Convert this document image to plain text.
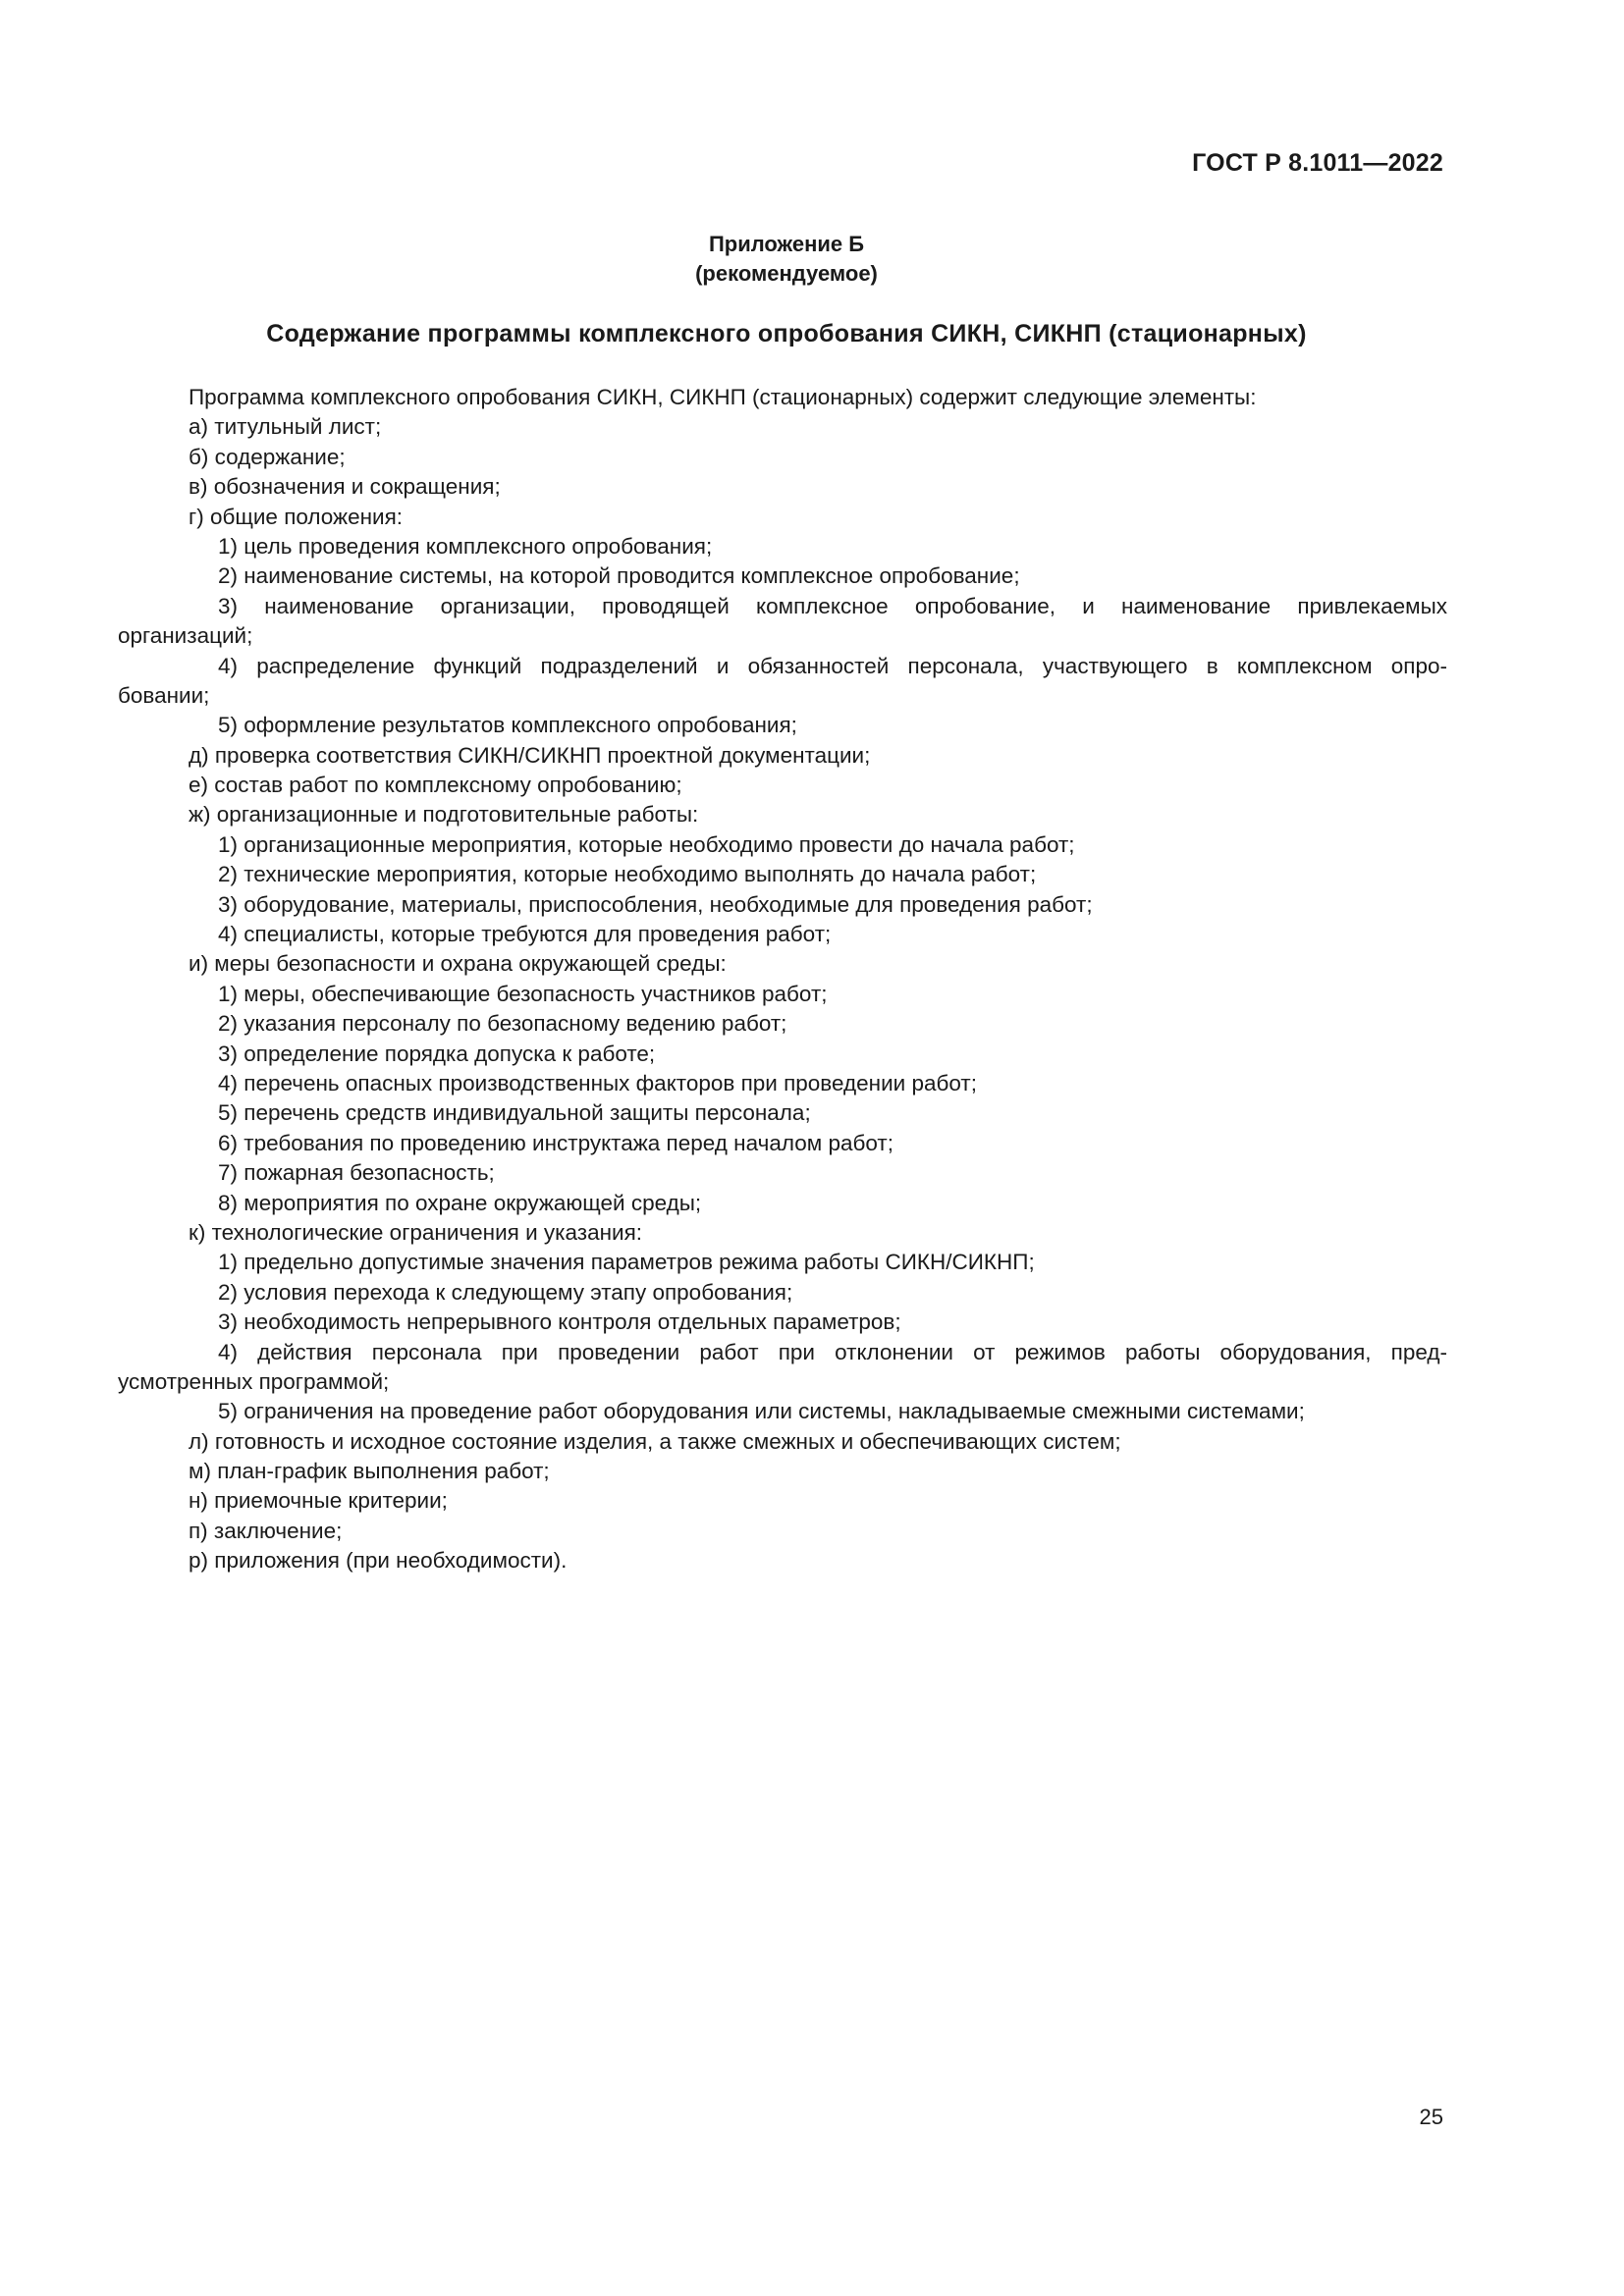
ГОСТ Р 8.1011—2022
Приложение Б
(рекомендуемое)
Содержание программы комплексного опробования СИКН, СИКНП (стационарных)
Программа комплексного опробования СИКН, СИКНП (стационарных) содержит следующие элементы:
а) титульный лист;
б) содержание;
в) обозначения и сокращения;
г) общие положения:
1) цель проведения комплексного опробования;
2) наименование системы, на которой проводится комплексное опробование;
3) наименование организации, проводящей комплексное опробование, и наименование привлекаемых
организаций;
4) распределение функций подразделений и обязанностей персонала, участвующего в комплексном опро-
бовании;
5) оформление результатов комплексного опробования;
д) проверка соответствия СИКН/СИКНП проектной документации;
е) состав работ по комплексному опробованию;
ж) организационные и подготовительные работы:
1) организационные мероприятия, которые необходимо провести до начала работ;
2) технические мероприятия, которые необходимо выполнять до начала работ;
3) оборудование, материалы, приспособления, необходимые для проведения работ;
4) специалисты, которые требуются для проведения работ;
и) меры безопасности и охрана окружающей среды:
1) меры, обеспечивающие безопасность участников работ;
2) указания персоналу по безопасному ведению работ;
3) определение порядка допуска к работе;
4) перечень опасных производственных факторов при проведении работ;
5) перечень средств индивидуальной защиты персонала;
6) требования по проведению инструктажа перед началом работ;
7) пожарная безопасность;
8) мероприятия по охране окружающей среды;
к) технологические ограничения и указания:
1) предельно допустимые значения параметров режима работы СИКН/СИКНП;
2) условия перехода к следующему этапу опробования;
3) необходимость непрерывного контроля отдельных параметров;
4) действия персонала при проведении работ при отклонении от режимов работы оборудования, пред-
усмотренных программой;
5) ограничения на проведение работ оборудования или системы, накладываемые смежными системами;
л) готовность и исходное состояние изделия, а также смежных и обеспечивающих систем;
м) план-график выполнения работ;
н) приемочные критерии;
п) заключение;
р) приложения (при необходимости).
25
